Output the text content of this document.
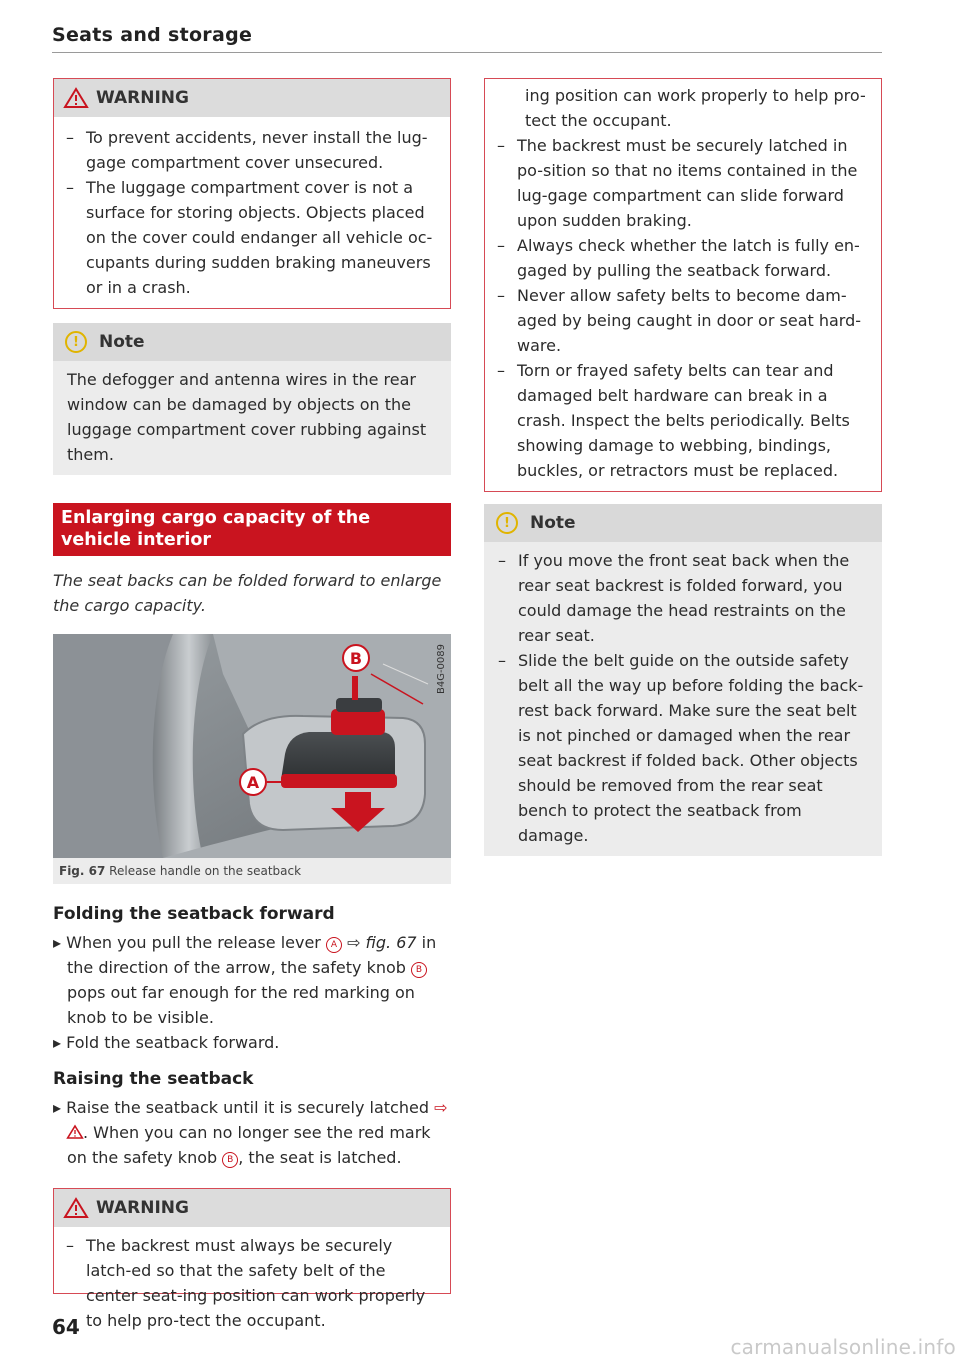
Seats and storage
WARNING

– To prevent accidents, never install the lug-gage compartment cover unsecured.

– The luggage compartment cover is not a surface for storing objects. Objects placed on the cover could endanger all vehicle oc-cupants during sudden braking maneuvers or in a crash.

!	Note

The defogger and antenna wires in the rear window can be damaged by objects on the luggage compartment cover rubbing against them.

Enlarging cargo capacity of the vehicle interior

The seat backs can be folded forward to enlarge the cargo capacity.

A
B	B4G-0089
Fig. 67 Release handle on the seatback

Folding the seatback forward

▸ When you pull the release lever A ⇨ fig. 67 in the direction of the arrow, the safety knob B pops out far enough for the red marking on knob to be visible.

▸ Fold the seatback forward.

Raising the seatback

▸ Raise the seatback until it is securely latched ⇨ . When you can no longer see the red mark on the safety knob B , the seat is latched.

WARNING

– The backrest must always be securely latch-ed so that the safety belt of the center seat-ing position can work properly to help pro-tect the occupant.

ing position can work properly to help pro-tect the occupant.

– The backrest must be securely latched in po-sition so that no items contained in the lug-gage compartment can slide forward upon sudden braking.

– Always check whether the latch is fully en-gaged by pulling the seatback forward.

– Never allow safety belts to become dam-aged by being caught in door or seat hard-ware.

– Torn or frayed safety belts can tear and damaged belt hardware can break in a crash. Inspect the belts periodically. Belts showing damage to webbing, bindings, buckles, or retractors must be replaced.

!	Note

– If you move the front seat back when the rear seat backrest is folded forward, you could damage the head restraints on the rear seat.

– Slide the belt guide on the outside safety belt all the way up before folding the back-rest back forward. Make sure the seat belt is not pinched or damaged when the rear seat backrest if folded back. Other objects should be removed from the rear seat bench to protect the seatback from damage.

64
carmanualsonline.info
